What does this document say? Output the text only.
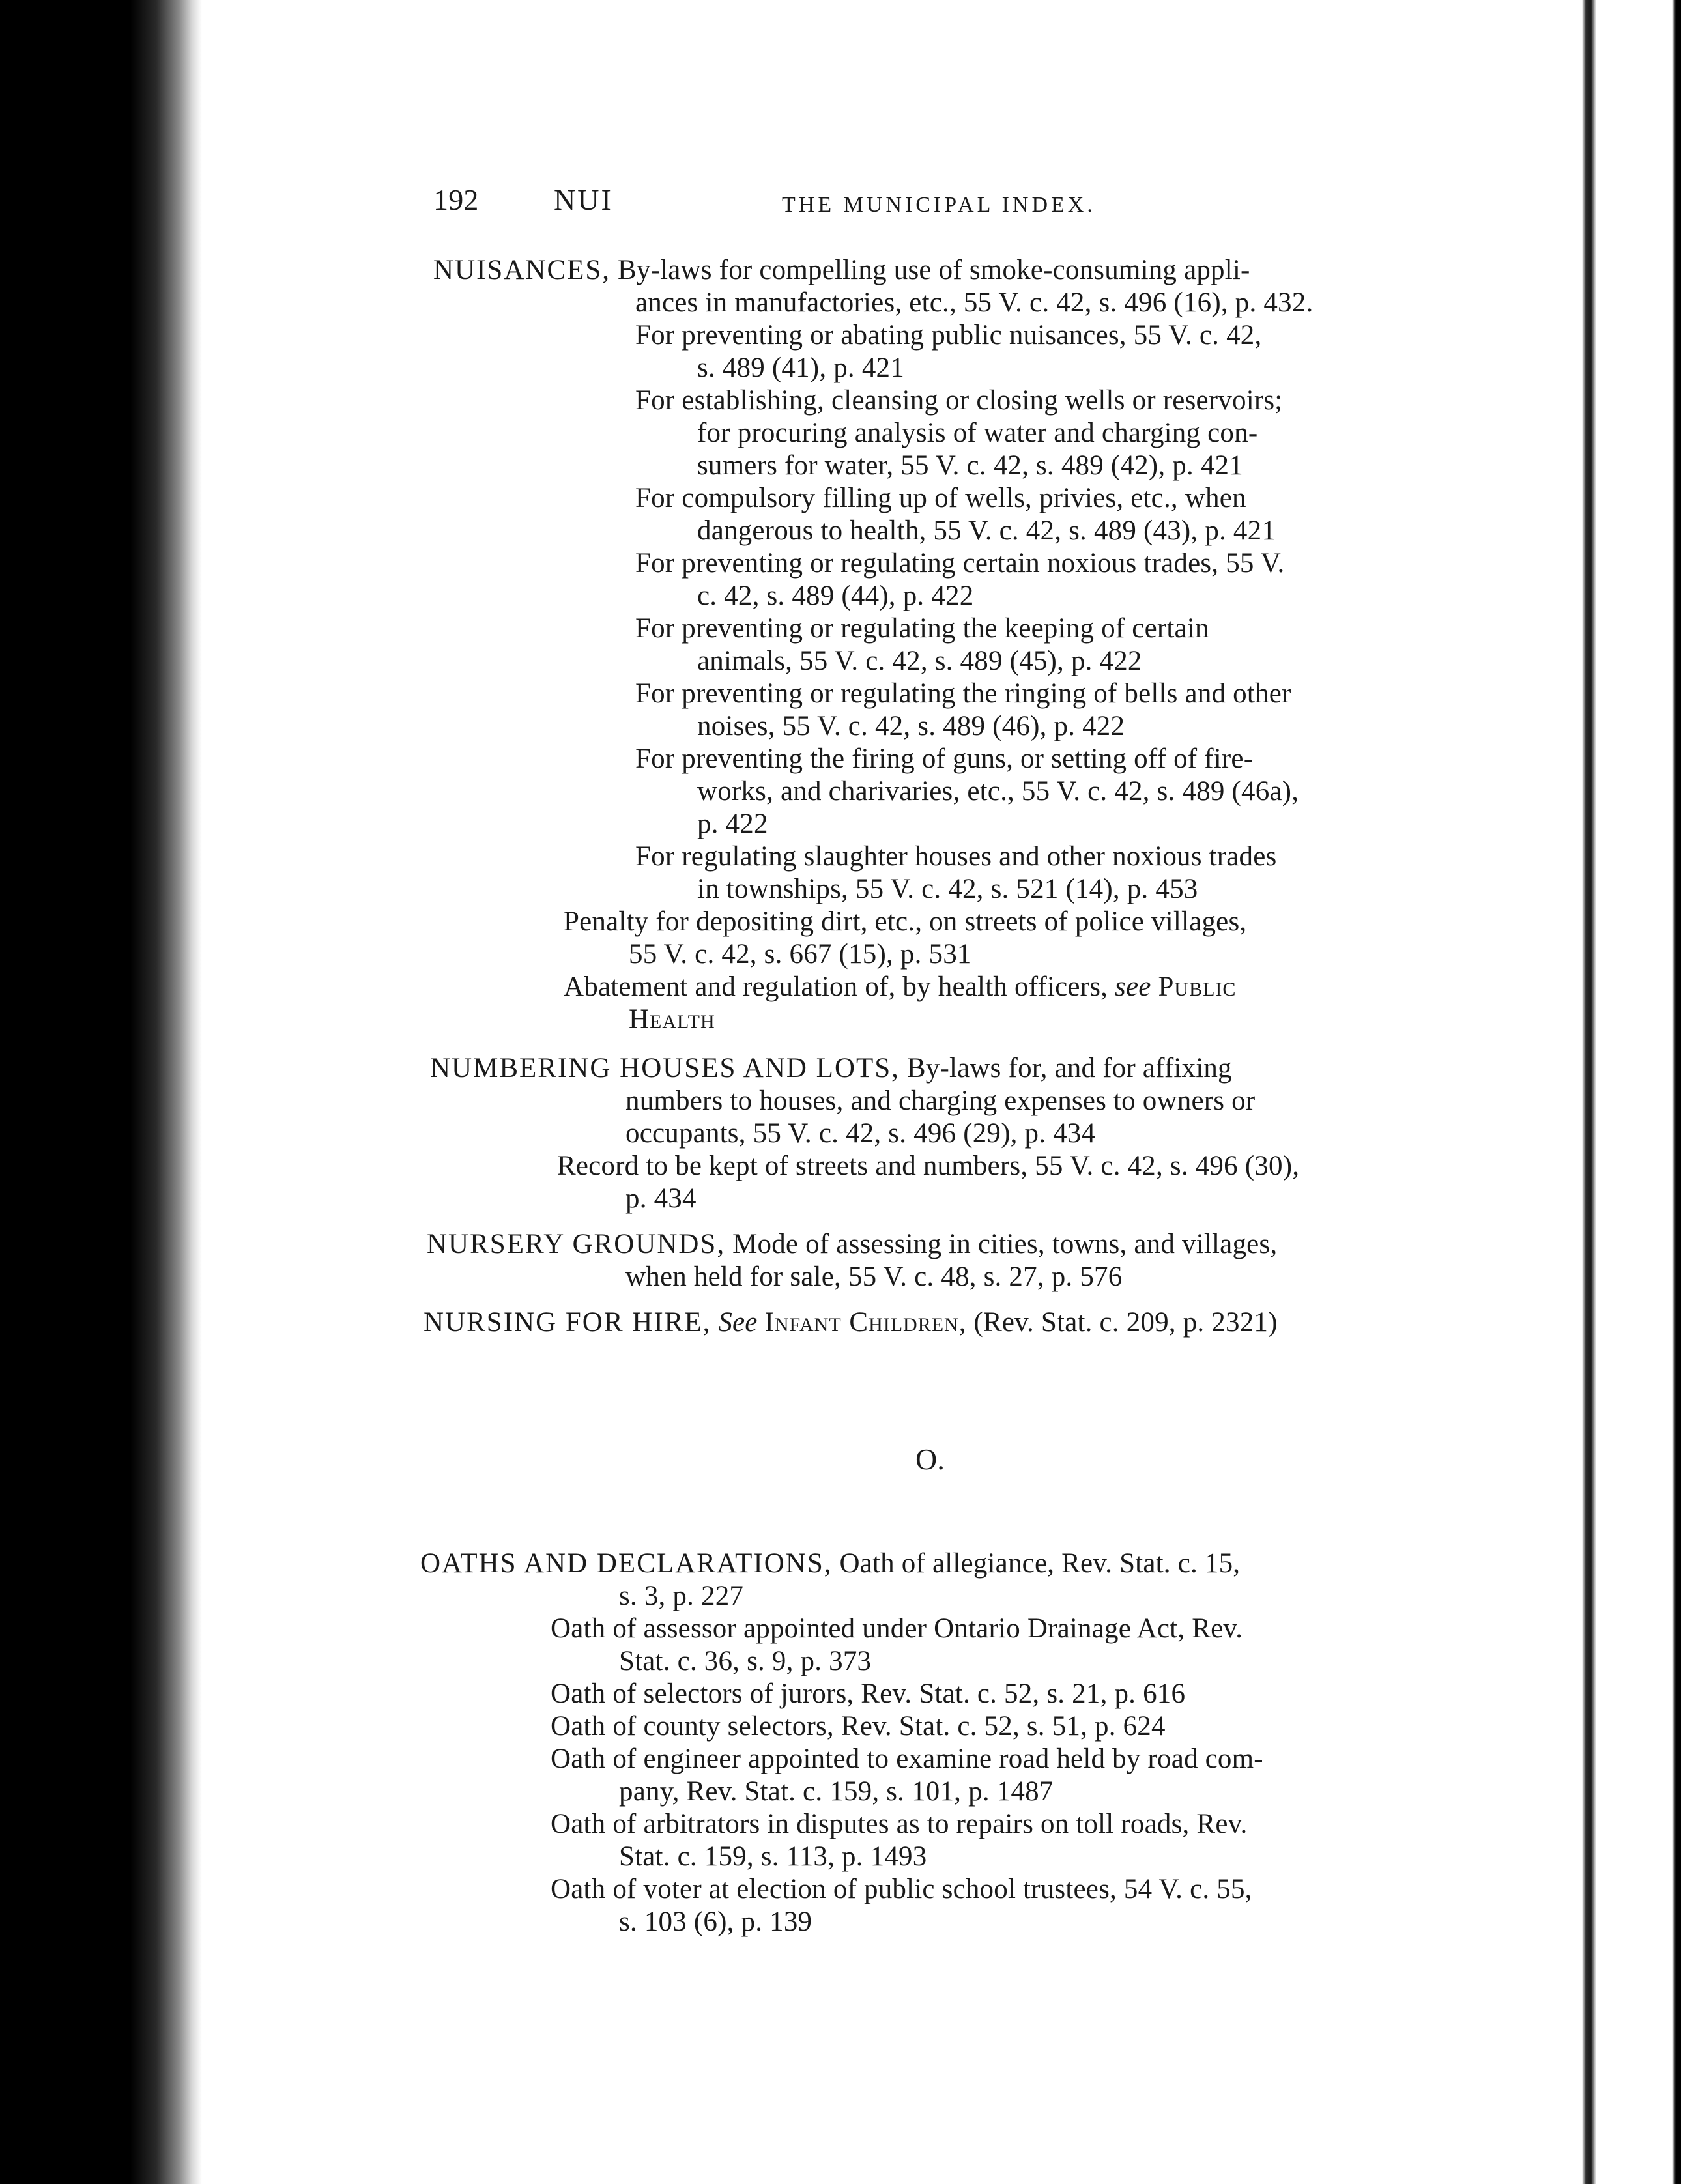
192	NUI	THE MUNICIPAL INDEX.
NUISANCES, By-laws for compelling use of smoke-consuming appli-
ances in manufactories, etc., 55 V. c. 42, s. 496 (16), p. 432.
For preventing or abating public nuisances, 55 V. c. 42,
s. 489 (41), p. 421
For establishing, cleansing or closing wells or reservoirs;
for procuring analysis of water and charging con-
sumers for water, 55 V. c. 42, s. 489 (42), p. 421
For compulsory filling up of wells, privies, etc., when
dangerous to health, 55 V. c. 42, s. 489 (43), p. 421
For preventing or regulating certain noxious trades, 55 V.
c. 42, s. 489 (44), p. 422
For preventing or regulating the keeping of certain
animals, 55 V. c. 42, s. 489 (45), p. 422
For preventing or regulating the ringing of bells and other
noises, 55 V. c. 42, s. 489 (46), p. 422
For preventing the firing of guns, or setting off of fire-
works, and charivaries, etc., 55 V. c. 42, s. 489 (46a),
p. 422
For regulating slaughter houses and other noxious trades
in townships, 55 V. c. 42, s. 521 (14), p. 453
Penalty for depositing dirt, etc., on streets of police villages,
55 V. c. 42, s. 667 (15), p. 531
Abatement and regulation of, by health officers, see Public
Health
NUMBERING HOUSES AND LOTS, By-laws for, and for affixing
numbers to houses, and charging expenses to owners or
occupants, 55 V. c. 42, s. 496 (29), p. 434
Record to be kept of streets and numbers, 55 V. c. 42, s. 496 (30),
p. 434
NURSERY GROUNDS, Mode of assessing in cities, towns, and villages,
when held for sale, 55 V. c. 48, s. 27, p. 576
NURSING FOR HIRE, See Infant Children, (Rev. Stat. c. 209, p. 2321)
O.
OATHS AND DECLARATIONS, Oath of allegiance, Rev. Stat. c. 15,
s. 3, p. 227
Oath of assessor appointed under Ontario Drainage Act, Rev.
Stat. c. 36, s. 9, p. 373
Oath of selectors of jurors, Rev. Stat. c. 52, s. 21, p. 616
Oath of county selectors, Rev. Stat. c. 52, s. 51, p. 624
Oath of engineer appointed to examine road held by road com-
pany, Rev. Stat. c. 159, s. 101, p. 1487
Oath of arbitrators in disputes as to repairs on toll roads, Rev.
Stat. c. 159, s. 113, p. 1493
Oath of voter at election of public school trustees, 54 V. c. 55,
s. 103 (6), p. 139
